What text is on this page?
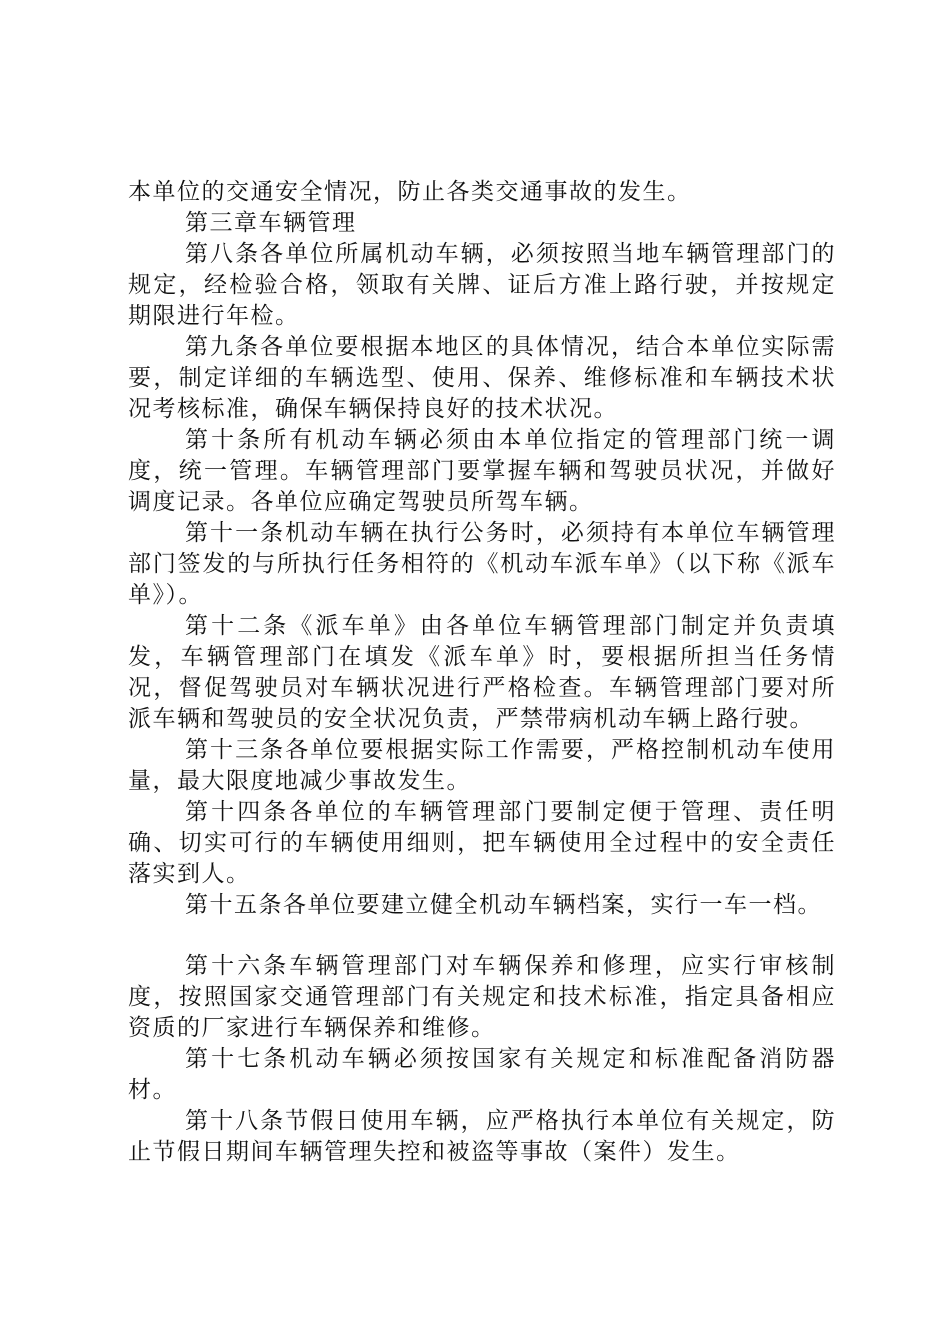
本单位的交通安全情况，防止各类交通事故的发生。

第三章车辆管理

第八条各单位所属机动车辆，必须按照当地车辆管理部门的规定，经检验合格，领取有关牌、证后方准上路行驶，并按规定期限进行年检。

第九条各单位要根据本地区的具体情况，结合本单位实际需要，制定详细的车辆选型、使用、保养、维修标准和车辆技术状况考核标准，确保车辆保持良好的技术状况。

第十条所有机动车辆必须由本单位指定的管理部门统一调度，统一管理。车辆管理部门要掌握车辆和驾驶员状况，并做好调度记录。各单位应确定驾驶员所驾车辆。

第十一条机动车辆在执行公务时，必须持有本单位车辆管理部门签发的与所执行任务相符的《机动车派车单》（以下称《派车单》）。

第十二条《派车单》由各单位车辆管理部门制定并负责填发，车辆管理部门在填发《派车单》时，要根据所担当任务情况，督促驾驶员对车辆状况进行严格检查。车辆管理部门要对所派车辆和驾驶员的安全状况负责，严禁带病机动车辆上路行驶。

第十三条各单位要根据实际工作需要，严格控制机动车使用量，最大限度地减少事故发生。

第十四条各单位的车辆管理部门要制定便于管理、责任明确、切实可行的车辆使用细则，把车辆使用全过程中的安全责任落实到人。

第十五条各单位要建立健全机动车辆档案，实行一车一档。

第十六条车辆管理部门对车辆保养和修理，应实行审核制度，按照国家交通管理部门有关规定和技术标准，指定具备相应资质的厂家进行车辆保养和维修。

第十七条机动车辆必须按国家有关规定和标准配备消防器材。

第十八条节假日使用车辆，应严格执行本单位有关规定，防止节假日期间车辆管理失控和被盗等事故（案件）发生。
